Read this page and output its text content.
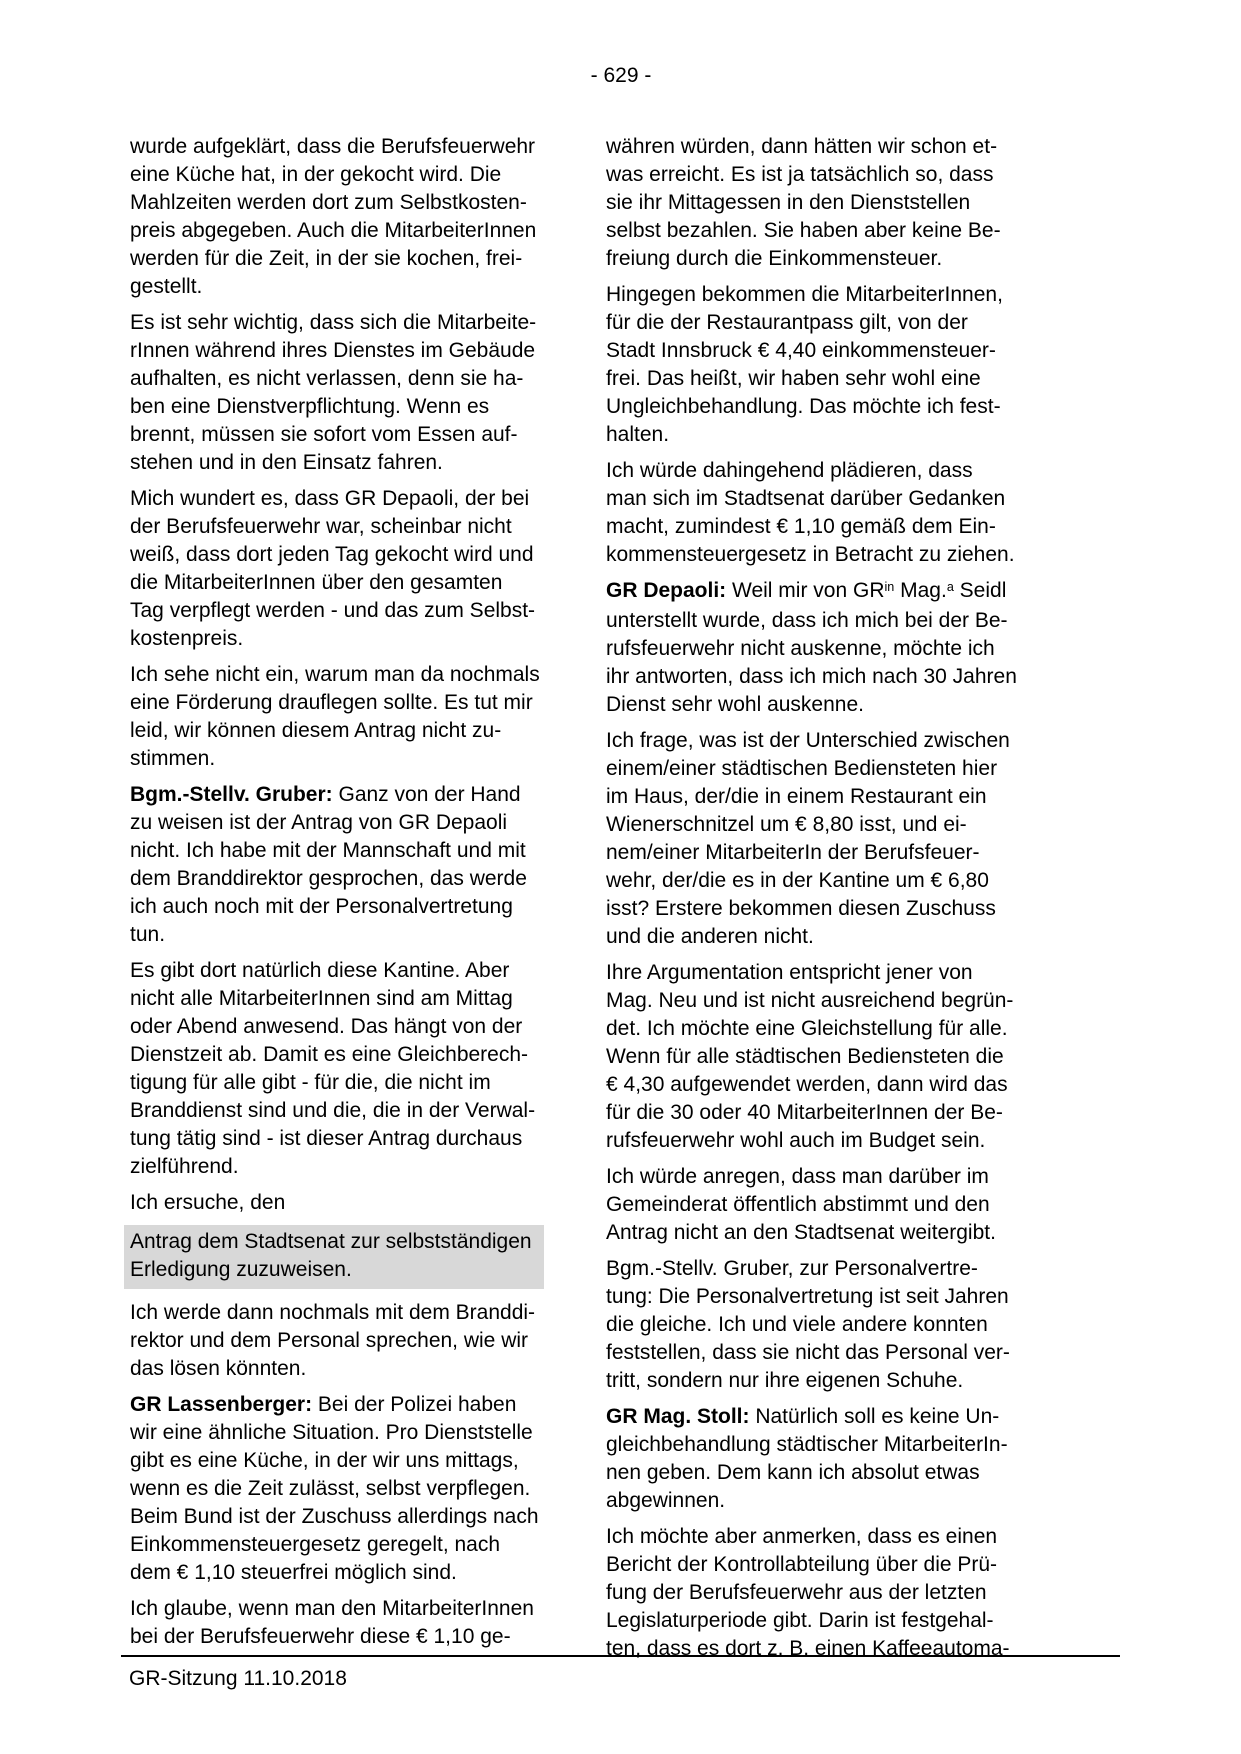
- 629 -
wurde aufgeklärt, dass die Berufsfeuerwehr
eine Küche hat, in der gekocht wird. Die
Mahlzeiten werden dort zum Selbstkosten-
preis abgegeben. Auch die MitarbeiterInnen
werden für die Zeit, in der sie kochen, frei-
gestellt.
Es ist sehr wichtig, dass sich die Mitarbeite-
rInnen während ihres Dienstes im Gebäude
aufhalten, es nicht verlassen, denn sie ha-
ben eine Dienstverpflichtung. Wenn es
brennt, müssen sie sofort vom Essen auf-
stehen und in den Einsatz fahren.
Mich wundert es, dass GR Depaoli, der bei
der Berufsfeuerwehr war, scheinbar nicht
weiß, dass dort jeden Tag gekocht wird und
die MitarbeiterInnen über den gesamten
Tag verpflegt werden - und das zum Selbst-
kostenpreis.
Ich sehe nicht ein, warum man da nochmals
eine Förderung drauflegen sollte. Es tut mir
leid, wir können diesem Antrag nicht zu-
stimmen.
Bgm.-Stellv. Gruber: Ganz von der Hand
zu weisen ist der Antrag von GR Depaoli
nicht. Ich habe mit der Mannschaft und mit
dem Branddirektor gesprochen, das werde
ich auch noch mit der Personalvertretung
tun.
Es gibt dort natürlich diese Kantine. Aber
nicht alle MitarbeiterInnen sind am Mittag
oder Abend anwesend. Das hängt von der
Dienstzeit ab. Damit es eine Gleichberech-
tigung für alle gibt - für die, die nicht im
Branddienst sind und die, die in der Verwal-
tung tätig sind - ist dieser Antrag durchaus
zielführend.
Ich ersuche, den
Antrag dem Stadtsenat zur selbstständigen
Erledigung zuzuweisen.
Ich werde dann nochmals mit dem Branddi-
rektor und dem Personal sprechen, wie wir
das lösen könnten.
GR Lassenberger: Bei der Polizei haben
wir eine ähnliche Situation. Pro Dienststelle
gibt es eine Küche, in der wir uns mittags,
wenn es die Zeit zulässt, selbst verpflegen.
Beim Bund ist der Zuschuss allerdings nach
Einkommensteuergesetz geregelt, nach
dem € 1,10 steuerfrei möglich sind.
Ich glaube, wenn man den MitarbeiterInnen
bei der Berufsfeuerwehr diese € 1,10 ge-
währen würden, dann hätten wir schon et-
was erreicht. Es ist ja tatsächlich so, dass
sie ihr Mittagessen in den Dienststellen
selbst bezahlen. Sie haben aber keine Be-
freiung durch die Einkommensteuer.
Hingegen bekommen die MitarbeiterInnen,
für die der Restaurantpass gilt, von der
Stadt Innsbruck € 4,40 einkommensteuer-
frei. Das heißt, wir haben sehr wohl eine
Ungleichbehandlung. Das möchte ich fest-
halten.
Ich würde dahingehend plädieren, dass
man sich im Stadtsenat darüber Gedanken
macht, zumindest € 1,10 gemäß dem Ein-
kommensteuergesetz in Betracht zu ziehen.
GR Depaoli: Weil mir von $GR^{in}$ Mag.$^a$ Seidl
unterstellt wurde, dass ich mich bei der Be-
rufsfeuerwehr nicht auskenne, möchte ich
ihr antworten, dass ich mich nach 30 Jahren
Dienst sehr wohl auskenne.
Ich frage, was ist der Unterschied zwischen
einem/einer städtischen Bediensteten hier
im Haus, der/die in einem Restaurant ein
Wienerschnitzel um € 8,80 isst, und ei-
nem/einer MitarbeiterIn der Berufsfeuer-
wehr, der/die es in der Kantine um € 6,80
isst? Erstere bekommen diesen Zuschuss
und die anderen nicht.
Ihre Argumentation entspricht jener von
Mag. Neu und ist nicht ausreichend begrün-
det. Ich möchte eine Gleichstellung für alle.
Wenn für alle städtischen Bediensteten die
€ 4,30 aufgewendet werden, dann wird das
für die 30 oder 40 MitarbeiterInnen der Be-
rufsfeuerwehr wohl auch im Budget sein.
Ich würde anregen, dass man darüber im
Gemeinderat öffentlich abstimmt und den
Antrag nicht an den Stadtsenat weitergibt.
Bgm.-Stellv. Gruber, zur Personalvertre-
tung: Die Personalvertretung ist seit Jahren
die gleiche. Ich und viele andere konnten
feststellen, dass sie nicht das Personal ver-
tritt, sondern nur ihre eigenen Schuhe.
GR Mag. Stoll: Natürlich soll es keine Un-
gleichbehandlung städtischer MitarbeiterIn-
nen geben. Dem kann ich absolut etwas
abgewinnen.
Ich möchte aber anmerken, dass es einen
Bericht der Kontrollabteilung über die Prü-
fung der Berufsfeuerwehr aus der letzten
Legislaturperiode gibt. Darin ist festgehal-
ten, dass es dort z. B. einen Kaffeeautoma-
GR-Sitzung 11.10.2018
